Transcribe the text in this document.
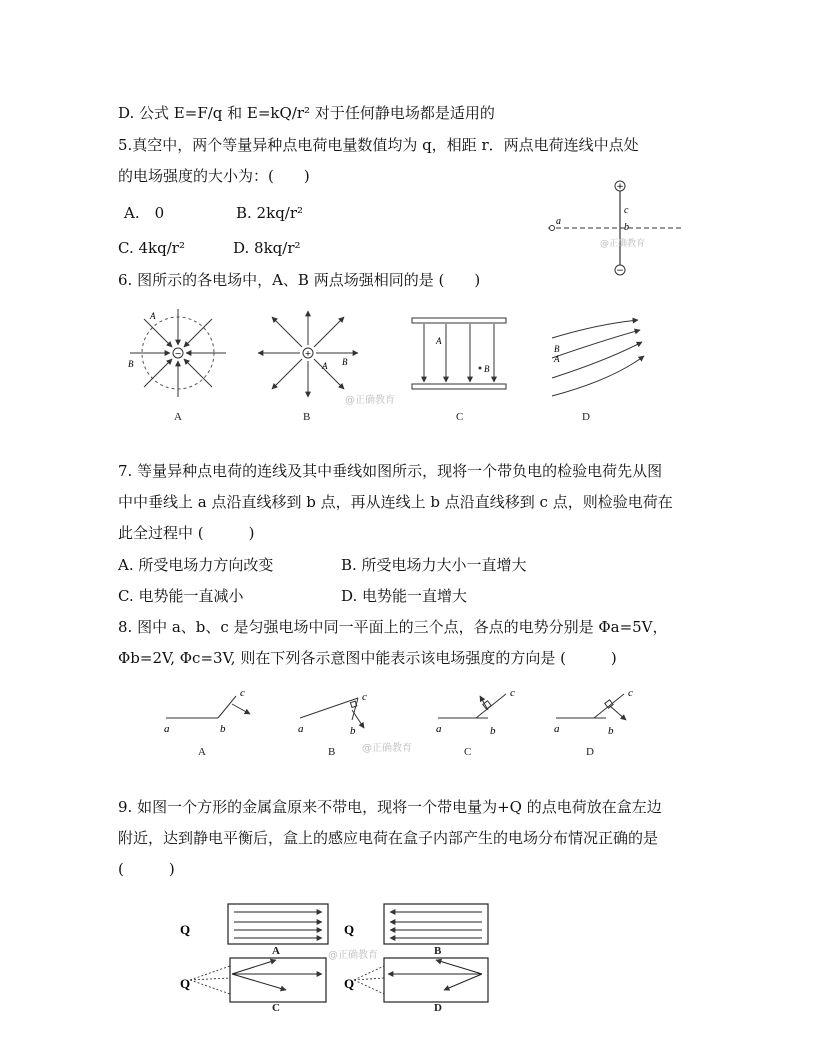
D. 公式 E=F/q 和 E=kQ/r² 对于任何静电场都是适用的
5.真空中，两个等量异种点电荷电量数值均为 q，相距 r．两点电荷连线中点处
的电场强度的大小为：(　　)
A.　0	B. 2kq/r²
C. 4kq/r²	D. 8kq/r²
+
−
a
c
b
@正确教育
6. 图所示的各电场中，A、B 两点场强相同的是 (　　)
−
A
B
A
+
A B
B
@正确教育
A
B
C
B
A
D
7. 等量异种点电荷的连线及其中垂线如图所示，现将一个带负电的检验电荷先从图
中中垂线上 a 点沿直线移到 b 点，再从连线上 b 点沿直线移到 c 点，则检验电荷在
此全过程中 (　　　)
A. 所受电场力方向改变	B. 所受电场力大小一直增大
C. 电势能一直减小	D. 电势能一直增大
8. 图中 a、b、c 是匀强电场中同一平面上的三个点，各点的电势分别是 Φa=5V，
Φb=2V, Φc=3V, 则在下列各示意图中能表示该电场强度的方向是 (　　　)
a	b
c
A
a	b
c
B	@正确教育
a	b
c
C
a	b
c
D
9. 如图一个方形的金属盒原来不带电，现将一个带电量为+Q 的点电荷放在盒左边
附近，达到静电平衡后，盒上的感应电荷在盒子内部产生的电场分布情况正确的是
(　　　)
Q
A	@正确教育
Q
B
Q
C
Q
D
